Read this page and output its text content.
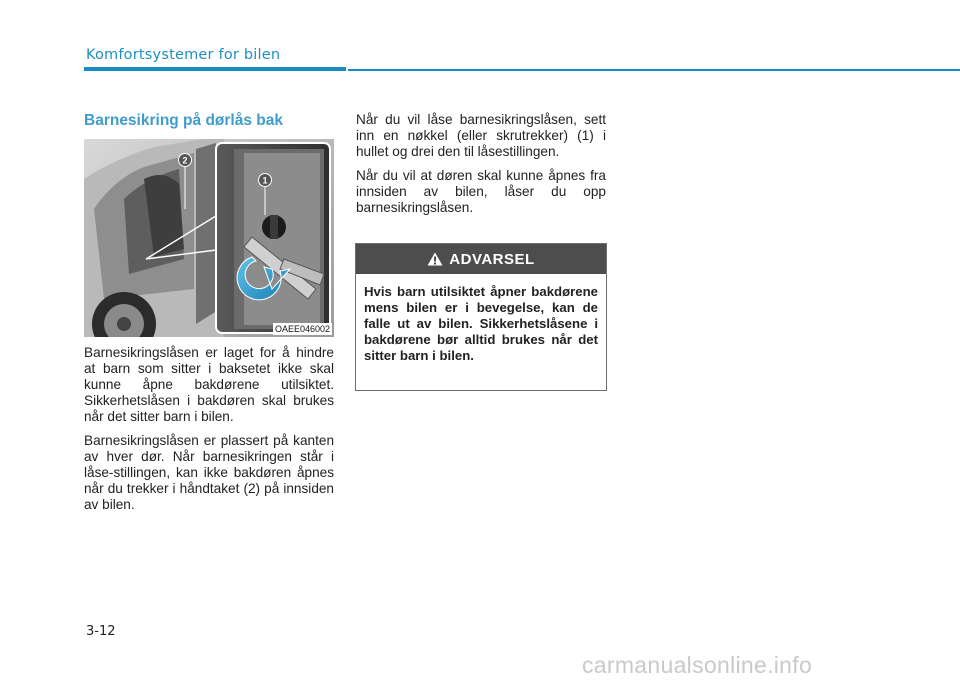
Komfortsystemer for bilen
Barnesikring på dørlås bak
2
1
OAEE046002

Barnesikringslåsen er laget for å hindre at barn som sitter i baksetet ikke skal kunne åpne bakdørene utilsiktet. Sikkerhetslåsen i bakdøren skal brukes når det sitter barn i bilen.

Barnesikringslåsen er plassert på kanten av hver dør. Når barnesikringen står i låse-stillingen, kan ikke bakdøren åpnes når du trekker i håndtaket (2) på innsiden av bilen.

Når du vil låse barnesikringslåsen, sett inn en nøkkel (eller skrutrekker) (1) i hullet og drei den til låsestillingen.

Når du vil at døren skal kunne åpnes fra innsiden av bilen, låser du opp barnesikringslåsen.

ADVARSEL
Hvis barn utilsiktet åpner bakdørene mens bilen er i bevegelse, kan de falle ut av bilen. Sikkerhetslåsene i bakdørene bør alltid brukes når det sitter barn i bilen.
3-12
carmanualsonline.info
